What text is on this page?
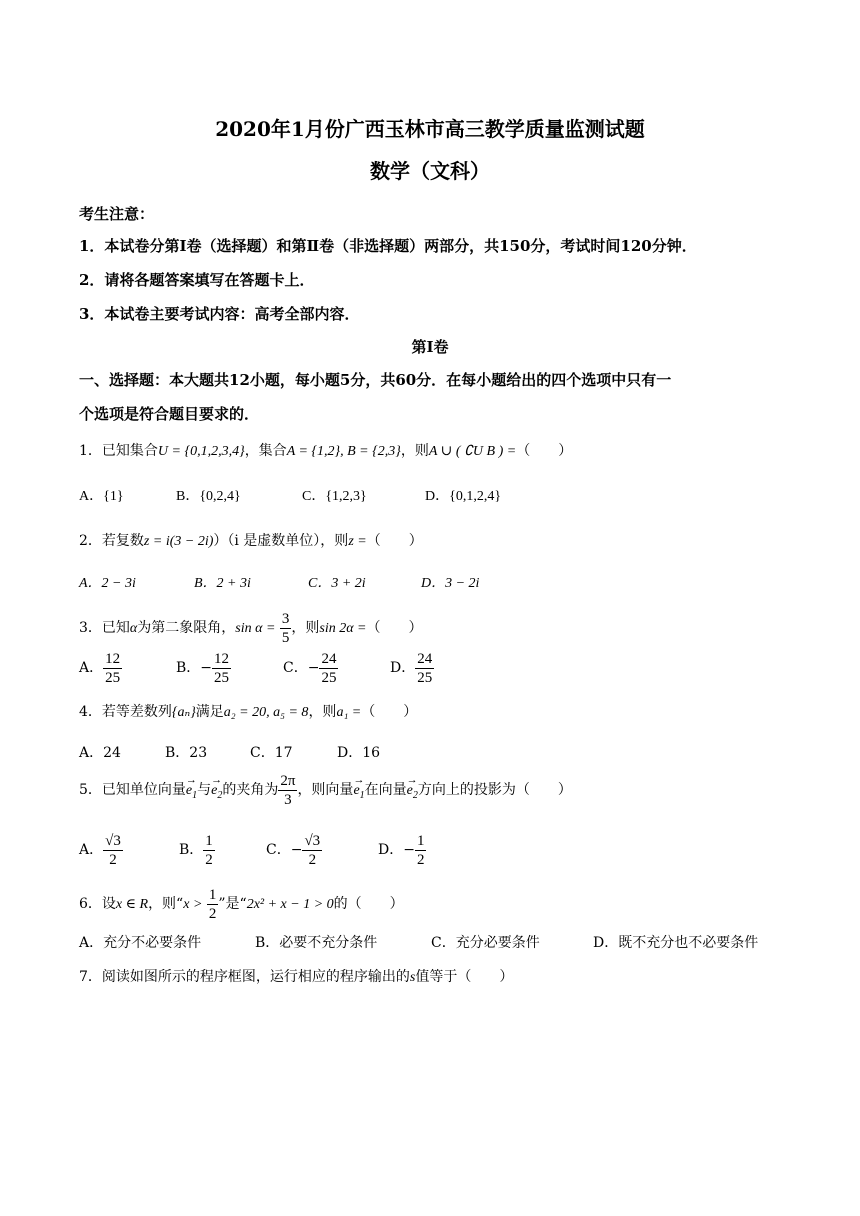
2020年1月份广西玉林市高三教学质量监测试题
数学（文科）
考生注意：
1．本试卷分第Ⅰ卷（选择题）和第Ⅱ卷（非选择题）两部分，共150分，考试时间120分钟．
2．请将各题答案填写在答题卡上．
3．本试卷主要考试内容：高考全部内容．
第Ⅰ卷
一、选择题：本大题共12小题，每小题5分，共60分．在每小题给出的四个选项中只有一
个选项是符合题目要求的．
1．已知集合U = {0,1,2,3,4}，集合A = {1,2}, B = {2,3}，则A ∪ ( ∁U B ) =（　　）
A．{1}	B．{0,2,4}	C．{1,2,3}	D．{0,1,2,4}
2．若复数z = i(3 − 2i)）（i 是虚数单位），则z =（　　）
A．2 − 3i	B．2 + 3i	C．3 + 2i	D．3 − 2i
3．已知α为第二象限角，$\sin \alpha = \frac{3}{5}$ ，则sin 2α =（　　）
A． $\frac{12}{25}$	B．− $\frac{12}{25}$	C．− $\frac{24}{25}$	D． $\frac{24}{25}$
4．若等差数列{aₙ}满足a₂ = 20, a₅ = 8，则a₁ =（　　）
A．24	B．23	C．17	D．16
5．已知单位向量→ $e_1$与→ $e_2$的夹角为 $\frac{2\pi}{3}$ ，则向量→ $e_1$在向量→ $e_2$方向上的投影为（　　）
A． $\frac{√3}{2}$	B． $\frac{1}{2}$	C．− $\frac{√3}{2}$	D．− $\frac{1}{2}$
6．设x ∈ R，则“$x > \frac{1}{2}$ ”是“2x² + x − 1 > 0的（　　）
A．充分不必要条件	B．必要不充分条件	C．充分必要条件	D．既不充分也不必要条件
7．阅读如图所示的程序框图，运行相应的程序输出的s值等于（　　）
